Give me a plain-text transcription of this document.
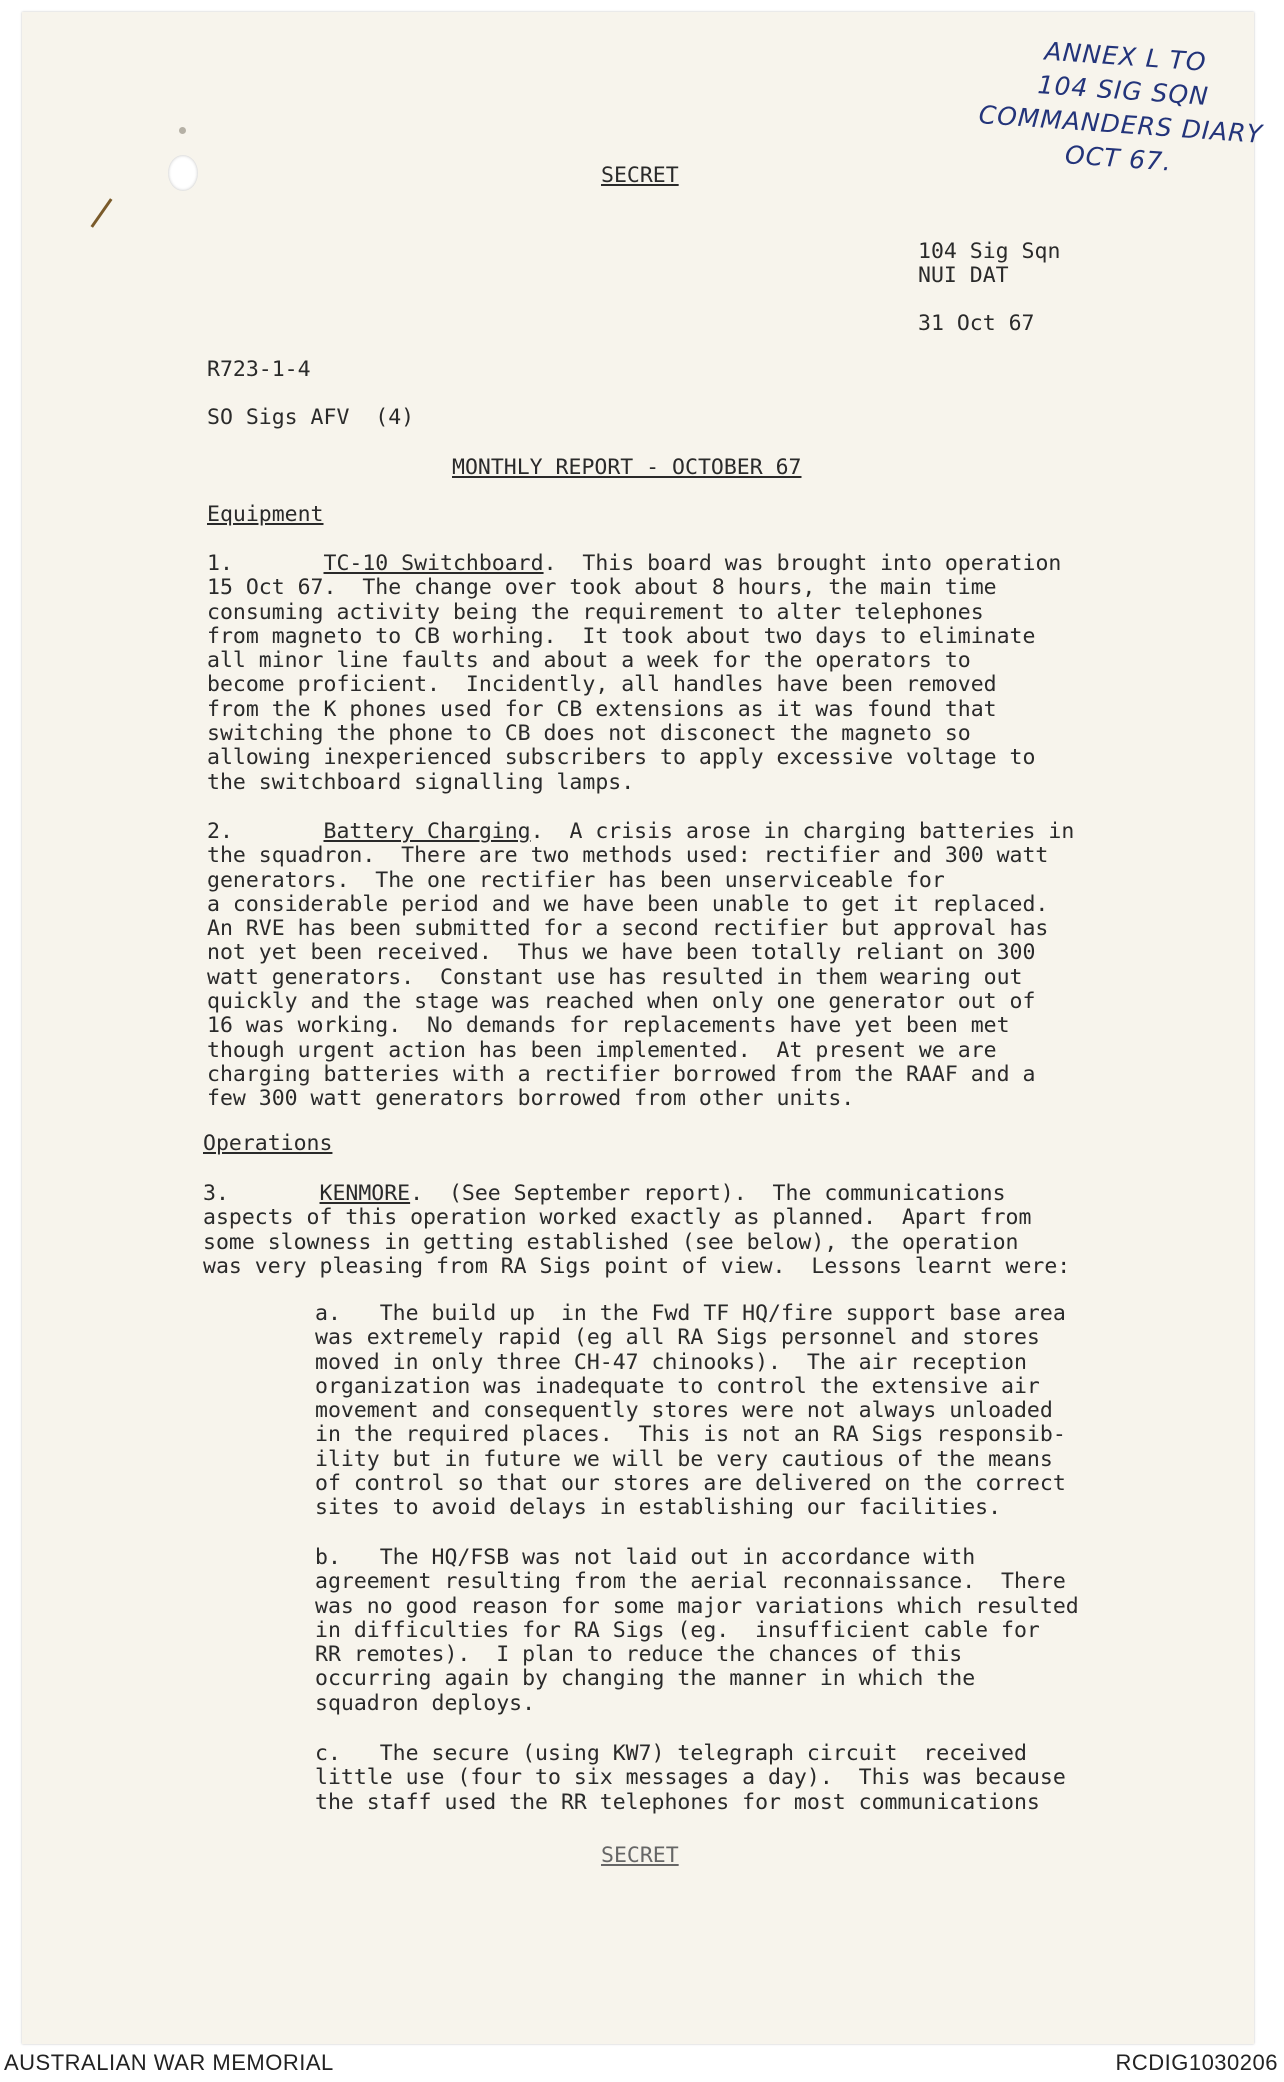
ANNEX L TO
104 SIG SQN
COMMANDERS DIARY
OCT 67.
SECRET
104 Sig Sqn
NUI DAT
31 Oct 67
R723-1-4
SO Sigs AFV  (4)
MONTHLY REPORT - OCTOBER 67
Equipment
1.	TC-10 Switchboard.  This board was brought into operation
15 Oct 67.  The change over took about 8 hours, the main time
consuming activity being the requirement to alter telephones
from magneto to CB worhing.  It took about two days to eliminate
all minor line faults and about a week for the operators to
become proficient.  Incidently, all handles have been removed
from the K phones used for CB extensions as it was found that
switching the phone to CB does not disconect the magneto so
allowing inexperienced subscribers to apply excessive voltage to
the switchboard signalling lamps.
2.	Battery Charging.  A crisis arose in charging batteries in
the squadron.  There are two methods used: rectifier and 300 watt
generators.  The one rectifier has been unserviceable for
a considerable period and we have been unable to get it replaced.
An RVE has been submitted for a second rectifier but approval has
not yet been received.  Thus we have been totally reliant on 300
watt generators.  Constant use has resulted in them wearing out
quickly and the stage was reached when only one generator out of
16 was working.  No demands for replacements have yet been met
though urgent action has been implemented.  At present we are
charging batteries with a rectifier borrowed from the RAAF and a
few 300 watt generators borrowed from other units.
Operations
3.	KENMORE.  (See September report).  The communications
aspects of this operation worked exactly as planned.  Apart from
some slowness in getting established (see below), the operation
was very pleasing from RA Sigs point of view.  Lessons learnt were:
a.   The build up  in the Fwd TF HQ/fire support base area
was extremely rapid (eg all RA Sigs personnel and stores
moved in only three CH-47 chinooks).  The air reception
organization was inadequate to control the extensive air
movement and consequently stores were not always unloaded
in the required places.  This is not an RA Sigs responsib-
ility but in future we will be very cautious of the means
of control so that our stores are delivered on the correct
sites to avoid delays in establishing our facilities.
b.   The HQ/FSB was not laid out in accordance with
agreement resulting from the aerial reconnaissance.  There
was no good reason for some major variations which resulted
in difficulties for RA Sigs (eg.  insufficient cable for
RR remotes).  I plan to reduce the chances of this
occurring again by changing the manner in which the
squadron deploys.
c.   The secure (using KW7) telegraph circuit  received
little use (four to six messages a day).  This was because
the staff used the RR telephones for most communications
SECRET
AUSTRALIAN WAR MEMORIAL	RCDIG1030206
